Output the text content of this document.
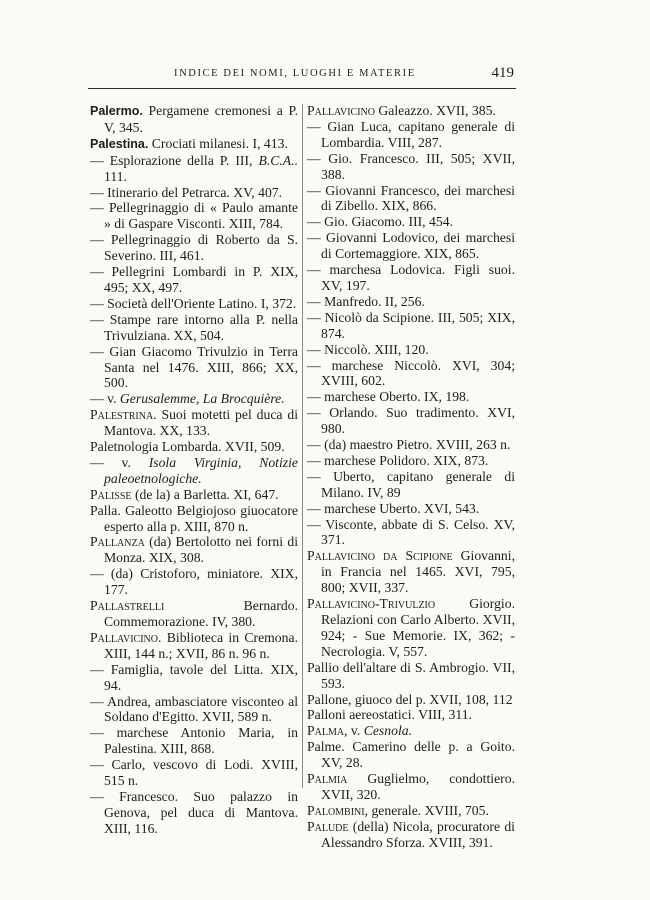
INDICE DEI NOMI, LUOGHI E MATERIE	419

Palermo. Pergamene cremonesi a P. V, 345.

Palestina. Crociati milanesi. I, 413.

— Esplorazione della P. III, B.C.A.. 111.

— Itinerario del Petrarca. XV, 407.

— Pellegrinaggio di « Paulo amante » di Gaspare Visconti. XIII, 784.

— Pellegrinaggio di Roberto da S. Severino. III, 461.

— Pellegrini Lombardi in P. XIX, 495; XX, 497.

— Società dell'Oriente Latino. I, 372.

— Stampe rare intorno alla P. nella Trivulziana. XX, 504.

— Gian Giacomo Trivulzio in Terra Santa nel 1476. XIII, 866; XX, 500.

— v. Gerusalemme, La Brocquière.

Palestrina. Suoi motetti pel duca di Mantova. XX, 133.

Paletnologia Lombarda. XVII, 509.

— v. Isola Virginia, Notizie paleoetnologiche.

Palisse (de la) a Barletta. XI, 647.

Palla. Galeotto Belgiojoso giuocatore esperto alla p. XIII, 870 n.

Pallanza (da) Bertolotto nei forni di Monza. XIX, 308.

— (da) Cristoforo, miniatore. XIX, 177.

Pallastrelli Bernardo. Commemorazione. IV, 380.

Pallavicino. Biblioteca in Cremona. XIII, 144 n.; XVII, 86 n. 96 n.

— Famiglia, tavole del Litta. XIX, 94.

— Andrea, ambasciatore visconteo al Soldano d'Egitto. XVII, 589 n.

— marchese Antonio Maria, in Palestina. XIII, 868.

— Carlo, vescovo di Lodi. XVIII, 515 n.

— Francesco. Suo palazzo in Genova, pel duca di Mantova. XIII, 116.

Pallavicino Galeazzo. XVII, 385.

— Gian Luca, capitano generale di Lombardia. VIII, 287.

— Gio. Francesco. III, 505; XVII, 388.

— Giovanni Francesco, dei marchesi di Zibello. XIX, 866.

— Gio. Giacomo. III, 454.

— Giovanni Lodovico, dei marchesi di Cortemaggiore. XIX, 865.

— marchesa Lodovica. Figli suoi. XV, 197.

— Manfredo. II, 256.

— Nicolò da Scipione. III, 505; XIX, 874.

— Niccolò. XIII, 120.

— marchese Niccolò. XVI, 304; XVIII, 602.

— marchese Oberto. IX, 198.

— Orlando. Suo tradimento. XVI, 980.

— (da) maestro Pietro. XVIII, 263 n.

— marchese Polidoro. XIX, 873.

— Uberto, capitano generale di Milano. IV, 89

— marchese Uberto. XVI, 543.

— Visconte, abbate di S. Celso. XV, 371.

Pallavicino da Scipione Giovanni, in Francia nel 1465. XVI, 795, 800; XVII, 337.

Pallavicino-Trivulzio Giorgio. Relazioni con Carlo Alberto. XVII, 924; - Sue Memorie. IX, 362; - Necrologia. V, 557.

Pallio dell'altare di S. Ambrogio. VII, 593.

Pallone, giuoco del p. XVII, 108, 112

Palloni aereostatici. VIII, 311.

Palma, v. Cesnola.

Palme. Camerino delle p. a Goito. XV, 28.

Palmia Guglielmo, condottiero. XVII, 320.

Palombini, generale. XVIII, 705.

Palude (della) Nicola, procuratore di Alessandro Sforza. XVIII, 391.
